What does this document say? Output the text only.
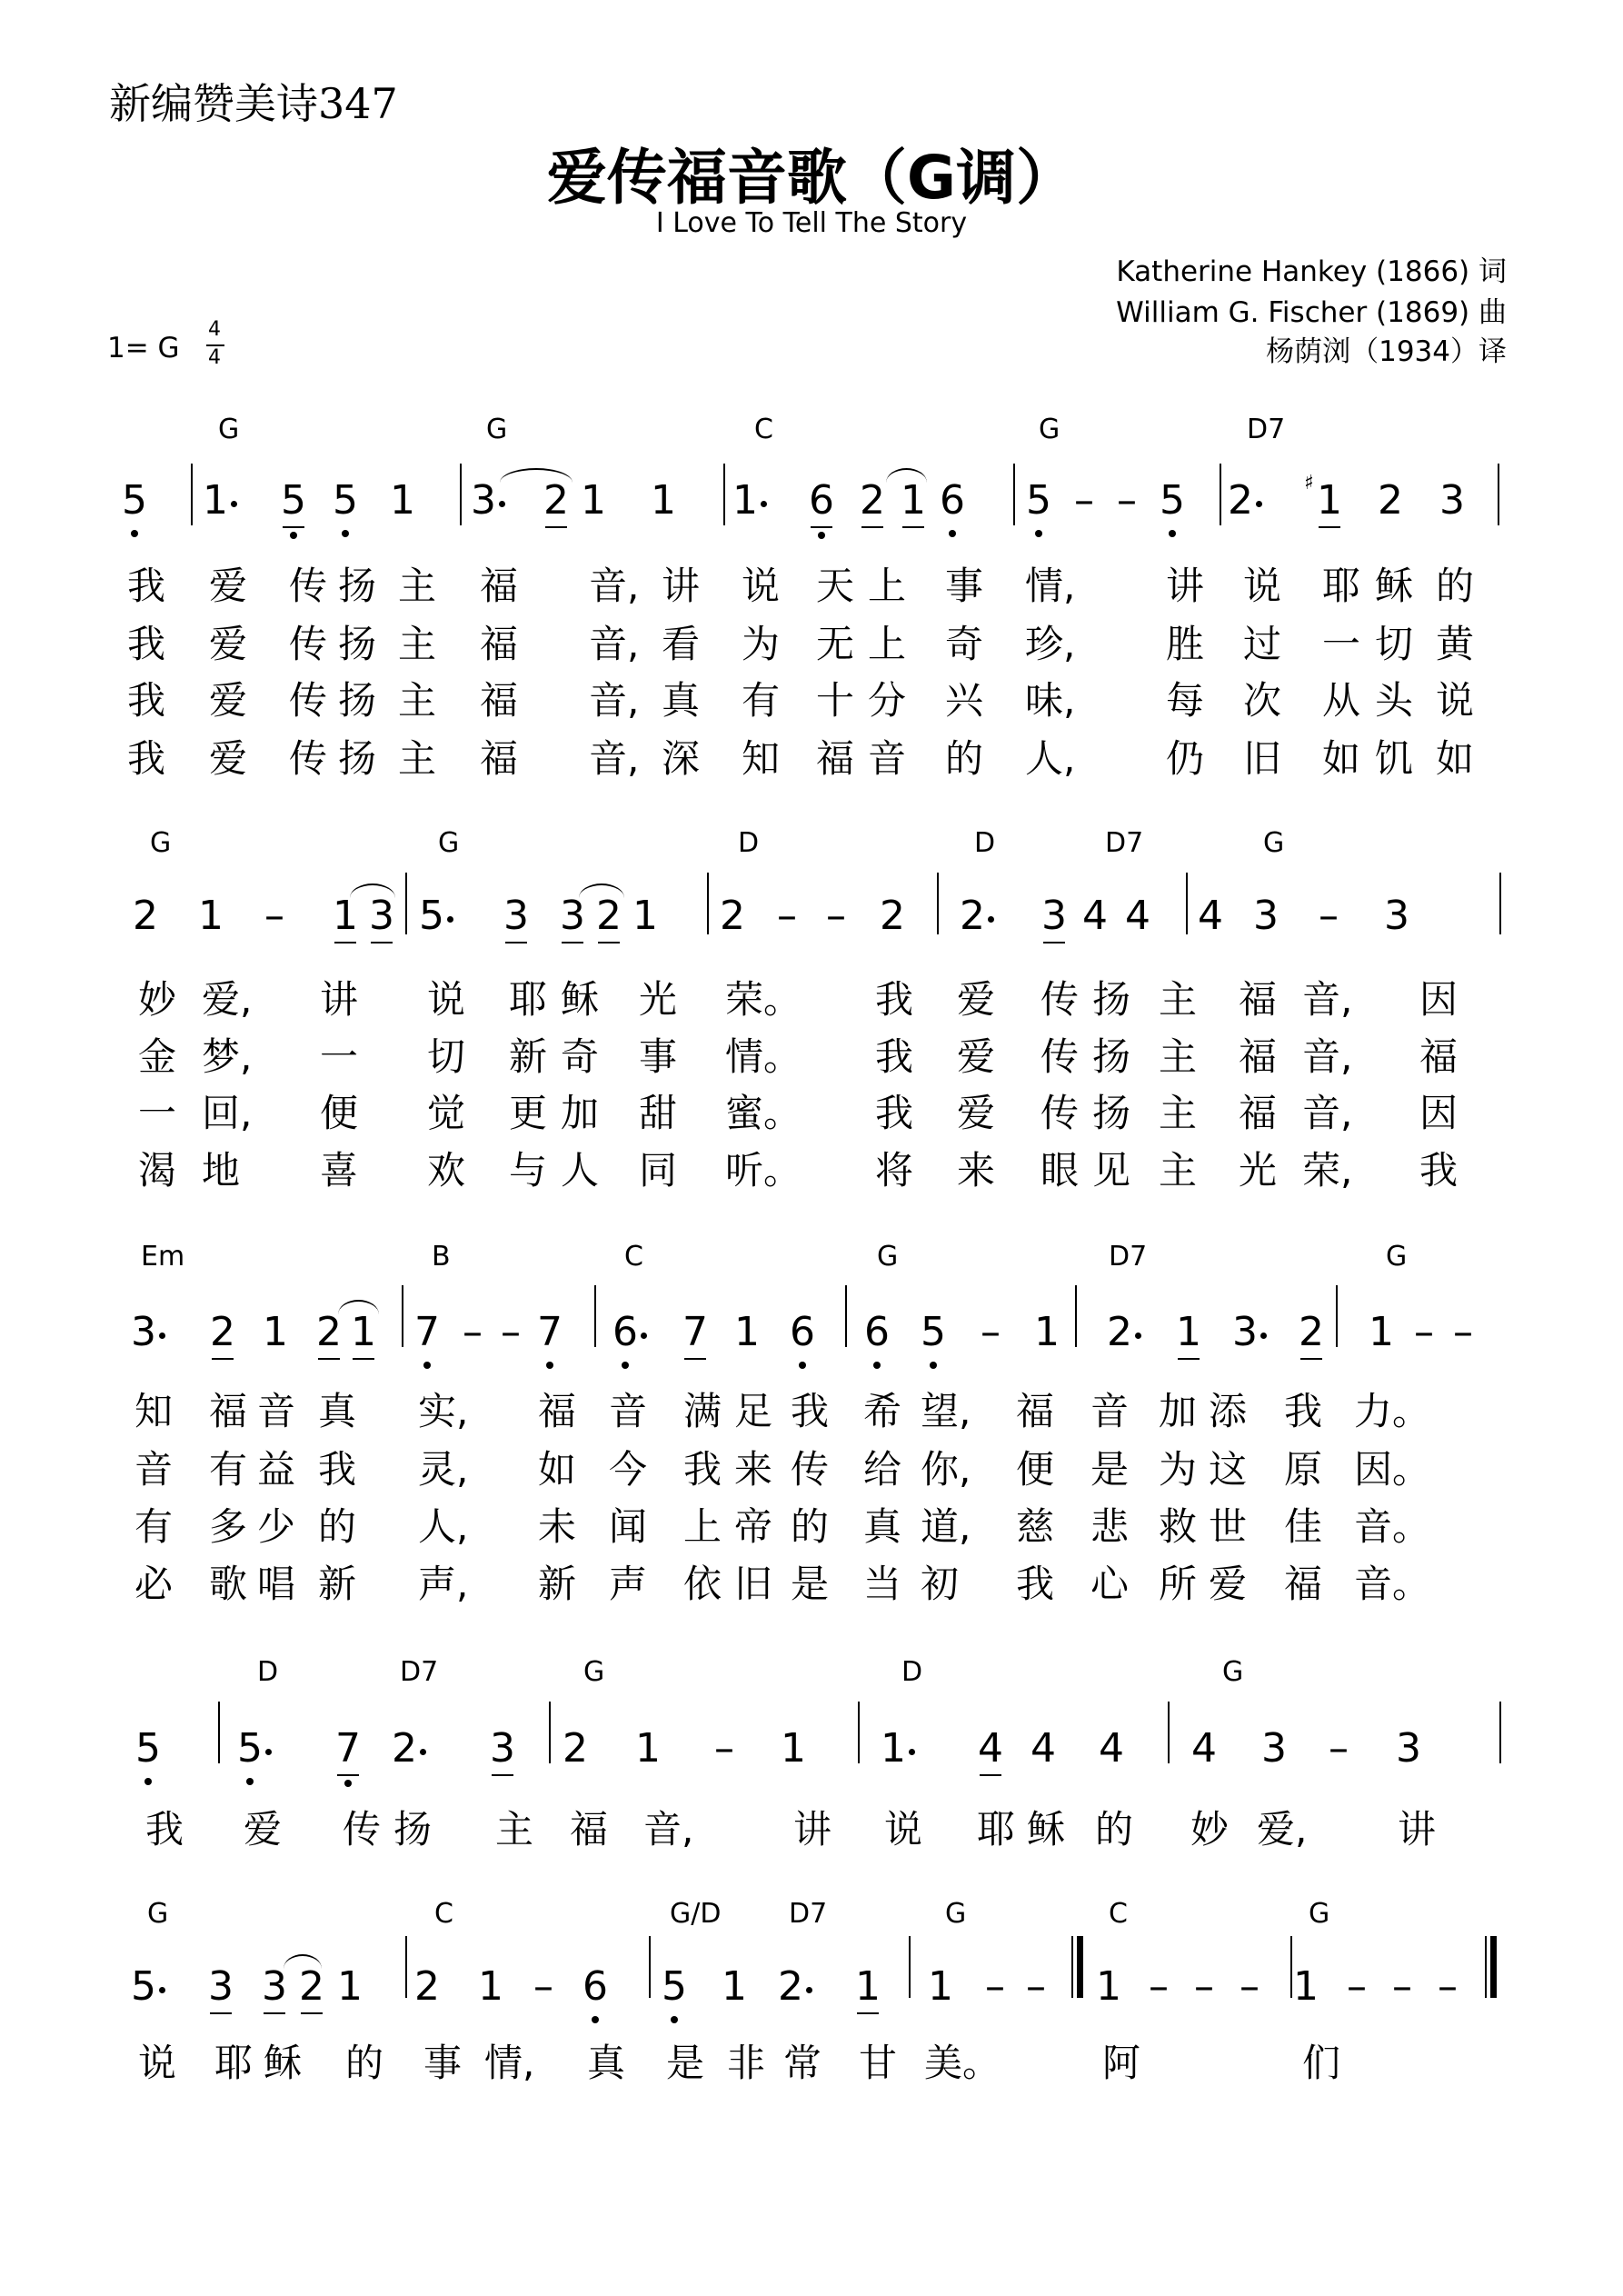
新编赞美诗347
爱传福音歌（G调）
I Love To Tell The Story
Katherine Hankey (1866) 词
William G. Fischer (1869) 曲
杨荫浏（1934）译
1= G
4
4
G	G	C	G	D7
5 1 5 5 1 3 2 1 1 1 6 2 1 6 5 – – 5 2 1
♯ 2 3
我 爱 传 扬 主 福 音, 讲 说 天 上 事 情, 讲 说 耶 稣 的
我 爱 传 扬 主 福 音, 看 为 无 上 奇 珍, 胜 过 一 切 黄
我 爱 传 扬 主 福 音, 真 有 十 分 兴 味, 每 次 从 头 说
我 爱 传 扬 主 福 音, 深 知 福 音 的 人, 仍 旧 如 饥 如
G	G	D	D	D7	G
2 1 – 1 3 5 3 3 2 1 2 – – 2 2 3 4 4 4 3 – 3
妙 爱, 讲 说 耶 稣 光 荣。 我 爱 传 扬 主 福 音, 因
金 梦, 一 切 新 奇 事 情。 我 爱 传 扬 主 福 音, 福
一 回, 便 觉 更 加 甜 蜜。 我 爱 传 扬 主 福 音, 因
渴 地 喜 欢 与 人 同 听。 将 来 眼 见 主 光 荣, 我
Em	B	C	G	D7	G
3 2 1 2 1 7 – – 7 6 7 1 6 6 5 – 1 2 1 3 2 1 – –
知 福 音 真 实, 福 音 满 足 我 希 望, 福 音 加 添 我 力。
音 有 益 我 灵, 如 今 我 来 传 给 你, 便 是 为 这 原 因。
有 多 少 的 人, 未 闻 上 帝 的 真 道, 慈 悲 救 世 佳 音。
必 歌 唱 新 声, 新 声 依 旧 是 当 初 我 心 所 爱 福 音。
D	D7	G	D	G
5 5 7 2 3 2 1 – 1 1 4 4 4 4 3 – 3
我 爱 传 扬 主 福 音,	讲 说 耶 稣 的 妙 爱, 讲
G	C	G/D D7	G	C	G
5 3 3 2 1 2 1 – 6 5 1 2 1 1 – – 1 – – – 1 – – –
说 耶 稣 的 事 情, 真 是 非 常 甘 美。	阿	们
